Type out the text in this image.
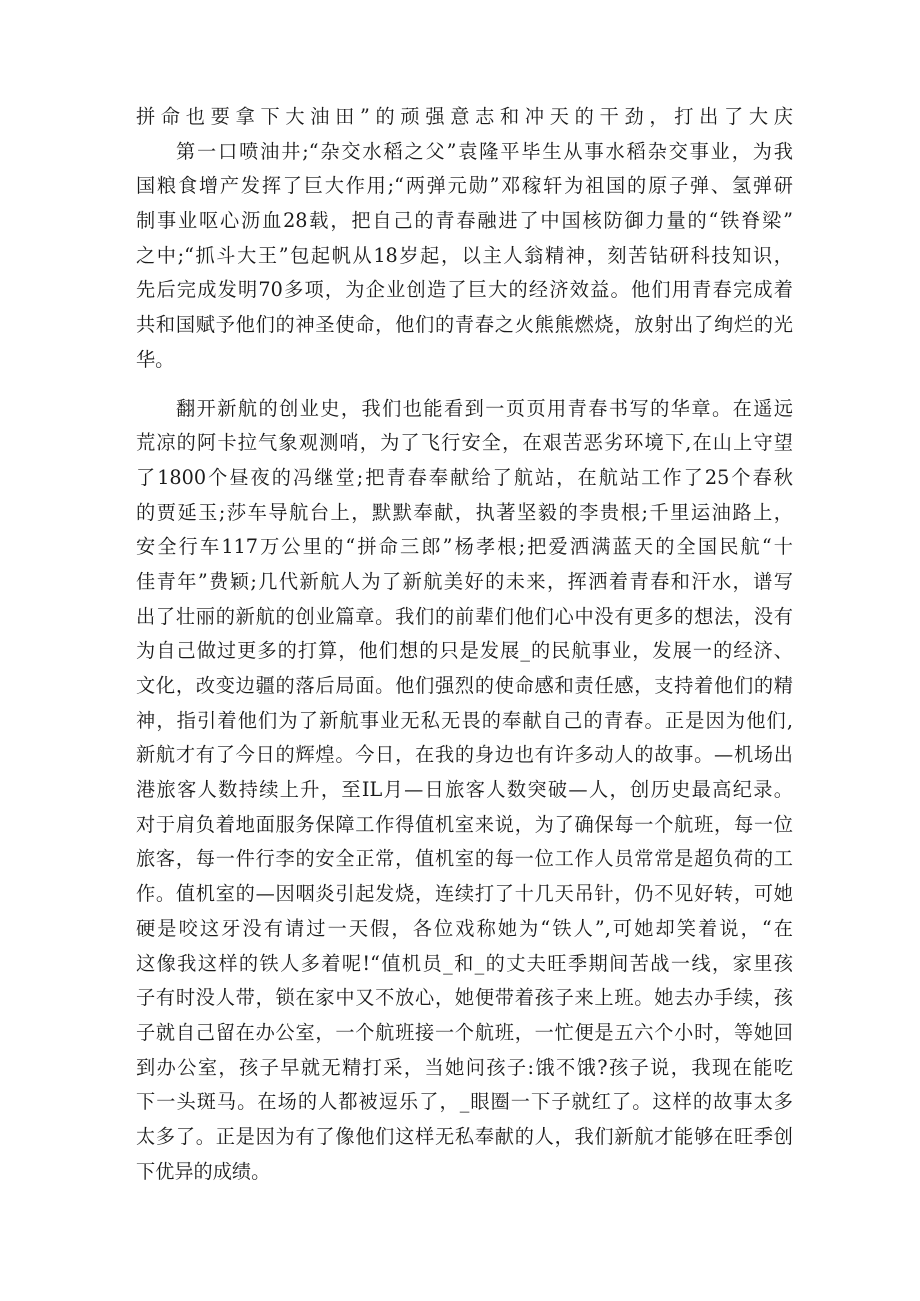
拼命也要拿下大油田”的顽强意志和冲天的干劲，打出了大庆
第一口喷油井;“杂交水稻之父”袁隆平毕生从事水稻杂交事业，为我
国粮食增产发挥了巨大作用;“两弹元勋”邓稼轩为祖国的原子弹、氢弹研
制事业呕心沥血28载，把自己的青春融进了中国核防御力量的“铁脊梁”
之中;“抓斗大王”包起帆从18岁起，以主人翁精神，刻苦钻研科技知识，
先后完成发明70多项，为企业创造了巨大的经济效益。他们用青春完成着
共和国赋予他们的神圣使命，他们的青春之火熊熊燃烧，放射出了绚烂的光
华。
翻开新航的创业史，我们也能看到一页页用青春书写的华章。在遥远
荒凉的阿卡拉气象观测哨，为了飞行安全，在艰苦恶劣环境下,在山上守望
了1800个昼夜的冯继堂;把青春奉献给了航站，在航站工作了25个春秋
的贾延玉;莎车导航台上，默默奉献，执著坚毅的李贵根;千里运油路上，
安全行车117万公里的“拼命三郎”杨孝根;把爱洒满蓝天的全国民航“十
佳青年”费颖;几代新航人为了新航美好的未来，挥洒着青春和汗水，谱写
出了壮丽的新航的创业篇章。我们的前辈们他们心中没有更多的想法，没有
为自己做过更多的打算，他们想的只是发展_的民航事业，发展一的经济、
文化，改变边疆的落后局面。他们强烈的使命感和责任感，支持着他们的精
神，指引着他们为了新航事业无私无畏的奉献自己的青春。正是因为他们,
新航才有了今日的辉煌。今日，在我的身边也有许多动人的故事。—机场出
港旅客人数持续上升，至IL月—日旅客人数突破—人，创历史最高纪录。
对于肩负着地面服务保障工作得值机室来说，为了确保每一个航班，每一位
旅客，每一件行李的安全正常，值机室的每一位工作人员常常是超负荷的工
作。值机室的—因咽炎引起发烧，连续打了十几天吊针，仍不见好转，可她
硬是咬这牙没有请过一天假，各位戏称她为“铁人”,可她却笑着说，“在
这像我这样的铁人多着呢!“值机员_和_的丈夫旺季期间苦战一线，家里孩
子有时没人带，锁在家中又不放心，她便带着孩子来上班。她去办手续，孩
子就自己留在办公室，一个航班接一个航班，一忙便是五六个小时，等她回
到办公室，孩子早就无精打采，当她问孩子:饿不饿?孩子说，我现在能吃
下一头斑马。在场的人都被逗乐了，_眼圈一下子就红了。这样的故事太多
太多了。正是因为有了像他们这样无私奉献的人，我们新航才能够在旺季创
下优异的成绩。
